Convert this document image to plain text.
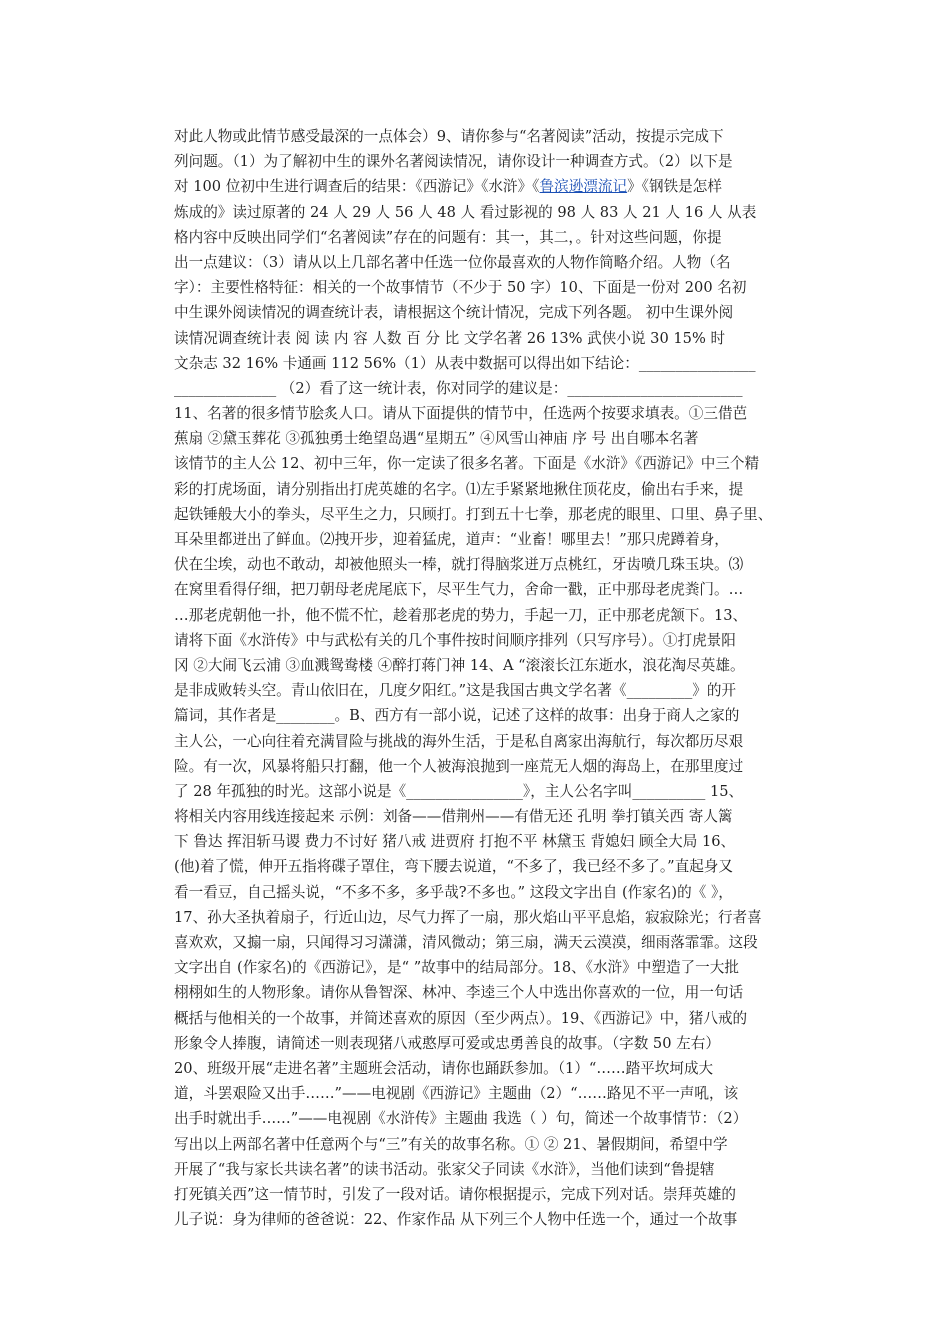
对此人物或此情节感受最深的一点体会）9、请你参与“名著阅读”活动，按提示完成下
列问题。（1）为了解初中生的课外名著阅读情况，请你设计一种调查方式。（2）以下是
对 100 位初中生进行调查后的结果：《西游记》《水浒》《鲁滨逊漂流记》《钢铁是怎样
炼成的》读过原著的 24 人 29 人 56 人 48 人 看过影视的 98 人 83 人 21 人 16 人 从表
格内容中反映出同学们“名著阅读”存在的问题有：其一，其二，。针对这些问题，你提
出一点建议：（3）请从以上几部名著中任选一位你最喜欢的人物作简略介绍。人物（名
字）：主要性格特征：相关的一个故事情节（不少于 50 字）10、下面是一份对 200 名初
中生课外阅读情况的调查统计表，请根据这个统计情况，完成下列各题。 初中生课外阅
读情况调查统计表 阅 读 内 容 人数 百 分 比 文学名著 26 13% 武侠小说 30 15% 时
文杂志 32 16% 卡通画 112 56%（1）从表中数据可以得出如下结论：________________
______________ （2）看了这一统计表，你对同学的建议是：________________________
11、名著的很多情节脍炙人口。请从下面提供的情节中，任选两个按要求填表。①三借芭
蕉扇 ②黛玉葬花 ③孤独勇士绝望岛遇“星期五” ④风雪山神庙 序 号 出自哪本名著
该情节的主人公 12、初中三年，你一定读了很多名著。下面是《水浒》《西游记》中三个精
彩的打虎场面，请分别指出打虎英雄的名字。⑴左手紧紧地揪住顶花皮，偷出右手来，提
起铁锤般大小的拳头，尽平生之力，只顾打。打到五十七拳，那老虎的眼里、口里、鼻子里、
耳朵里都迸出了鲜血。⑵拽开步，迎着猛虎，道声：“业畜！哪里去！”那只虎蹲着身，
伏在尘埃，动也不敢动，却被他照头一棒，就打得脑浆迸万点桃红，牙齿喷几珠玉块。⑶
在窝里看得仔细，把刀朝母老虎尾底下，尽平生气力，舍命一戳，正中那母老虎粪门。…
…那老虎朝他一扑，他不慌不忙，趁着那老虎的势力，手起一刀，正中那老虎颔下。13、
请将下面《水浒传》中与武松有关的几个事件按时间顺序排列（只写序号）。①打虎景阳
冈 ②大闹飞云浦 ③血溅鸳鸯楼 ④醉打蒋门神 14、A “滚滚长江东逝水，浪花淘尽英雄。
是非成败转头空。青山依旧在，几度夕阳红。”这是我国古典文学名著《_________》的开
篇词，其作者是________。B、西方有一部小说，记述了这样的故事：出身于商人之家的
主人公，一心向往着充满冒险与挑战的海外生活，于是私自离家出海航行，每次都历尽艰
险。有一次，风暴将船只打翻，他一个人被海浪抛到一座荒无人烟的海岛上，在那里度过
了 28 年孤独的时光。这部小说是《________________》，主人公名字叫__________ 15、
将相关内容用线连接起来 示例：刘备——借荆州——有借无还 孔明 拳打镇关西 寄人篱
下 鲁达 挥泪斩马谡 费力不讨好 猪八戒 进贾府 打抱不平 林黛玉 背媳妇 顾全大局 16、
(他)着了慌，伸开五指将碟子罩住，弯下腰去说道，“不多了，我已经不多了。”直起身又
看一看豆，自己摇头说，“不多不多，多乎哉?不多也。” 这段文字出自 (作家名)的《 》，
17、孙大圣执着扇子，行近山边，尽气力挥了一扇，那火焰山平平息焰，寂寂除光；行者喜
喜欢欢，又搧一扇，只闻得习习潇潇，清风微动；第三扇，满天云漠漠，细雨落霏霏。这段
文字出自 (作家名)的《西游记》，是“ ”故事中的结局部分。18、《水浒》中塑造了一大批
栩栩如生的人物形象。请你从鲁智深、林冲、李逵三个人中选出你喜欢的一位，用一句话
概括与他相关的一个故事，并简述喜欢的原因（至少两点）。19、《西游记》中，猪八戒的
形象令人捧腹，请简述一则表现猪八戒憨厚可爱或忠勇善良的故事。（字数 50 左右）
20、班级开展“走进名著”主题班会活动，请你也踊跃参加。（1）“……踏平坎坷成大
道，斗罢艰险又出手……”——电视剧《西游记》主题曲（2）“……路见不平一声吼，该
出手时就出手……”——电视剧《水浒传》主题曲 我选（ ）句，简述一个故事情节：（2）
写出以上两部名著中任意两个与“三”有关的故事名称。① ② 21、暑假期间，希望中学
开展了“我与家长共读名著”的读书活动。张家父子同读《水浒》，当他们读到“鲁提辖
打死镇关西”这一情节时，引发了一段对话。请你根据提示，完成下列对话。崇拜英雄的
儿子说：身为律师的爸爸说：22、作家作品 从下列三个人物中任选一个，通过一个故事
